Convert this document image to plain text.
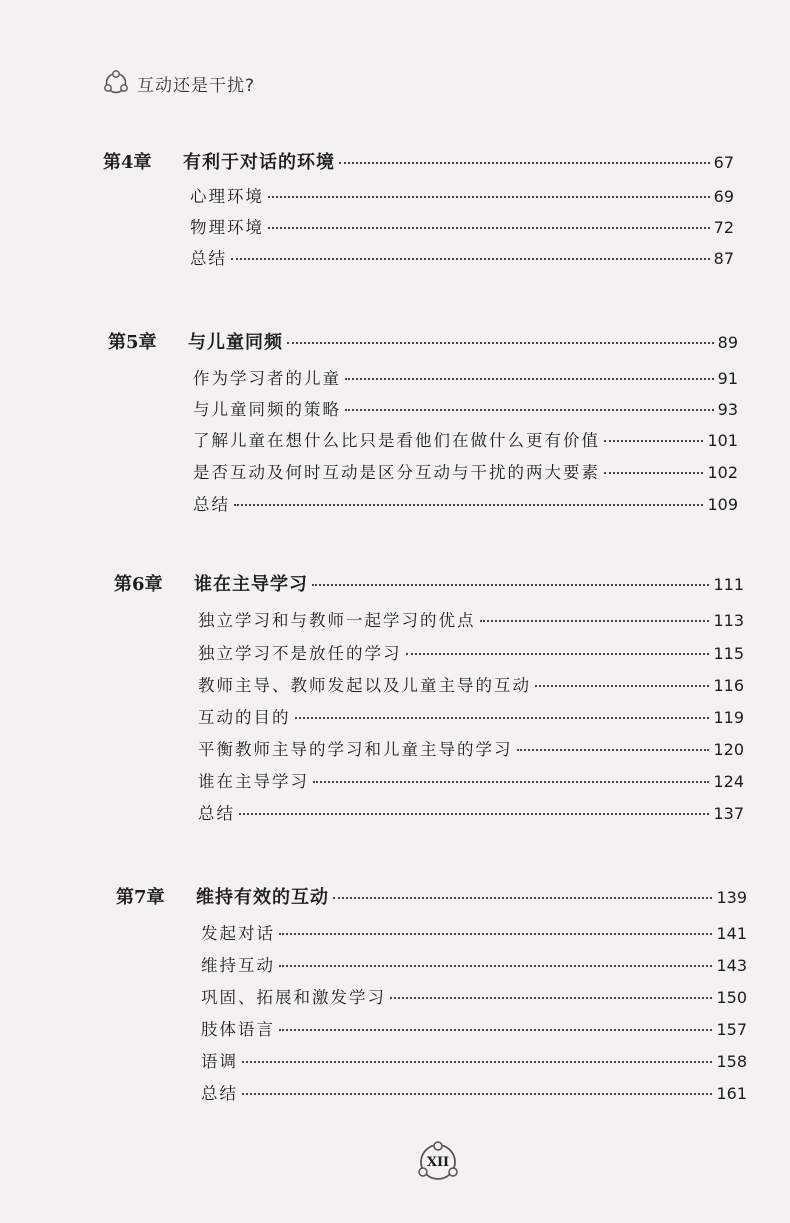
互动还是干扰?
第4章	有利于对话的环境	67
心理环境	69
物理环境	72
总结	87
第5章	与儿童同频	89
作为学习者的儿童	91
与儿童同频的策略	93
了解儿童在想什么比只是看他们在做什么更有价值	101
是否互动及何时互动是区分互动与干扰的两大要素	102
总结	109
第6章	谁在主导学习	111
独立学习和与教师一起学习的优点	113
独立学习不是放任的学习	115
教师主导、教师发起以及儿童主导的互动	116
互动的目的	119
平衡教师主导的学习和儿童主导的学习	120
谁在主导学习	124
总结	137
第7章	维持有效的互动	139
发起对话	141
维持互动	143
巩固、拓展和激发学习	150
肢体语言	157
语调	158
总结	161
XII
